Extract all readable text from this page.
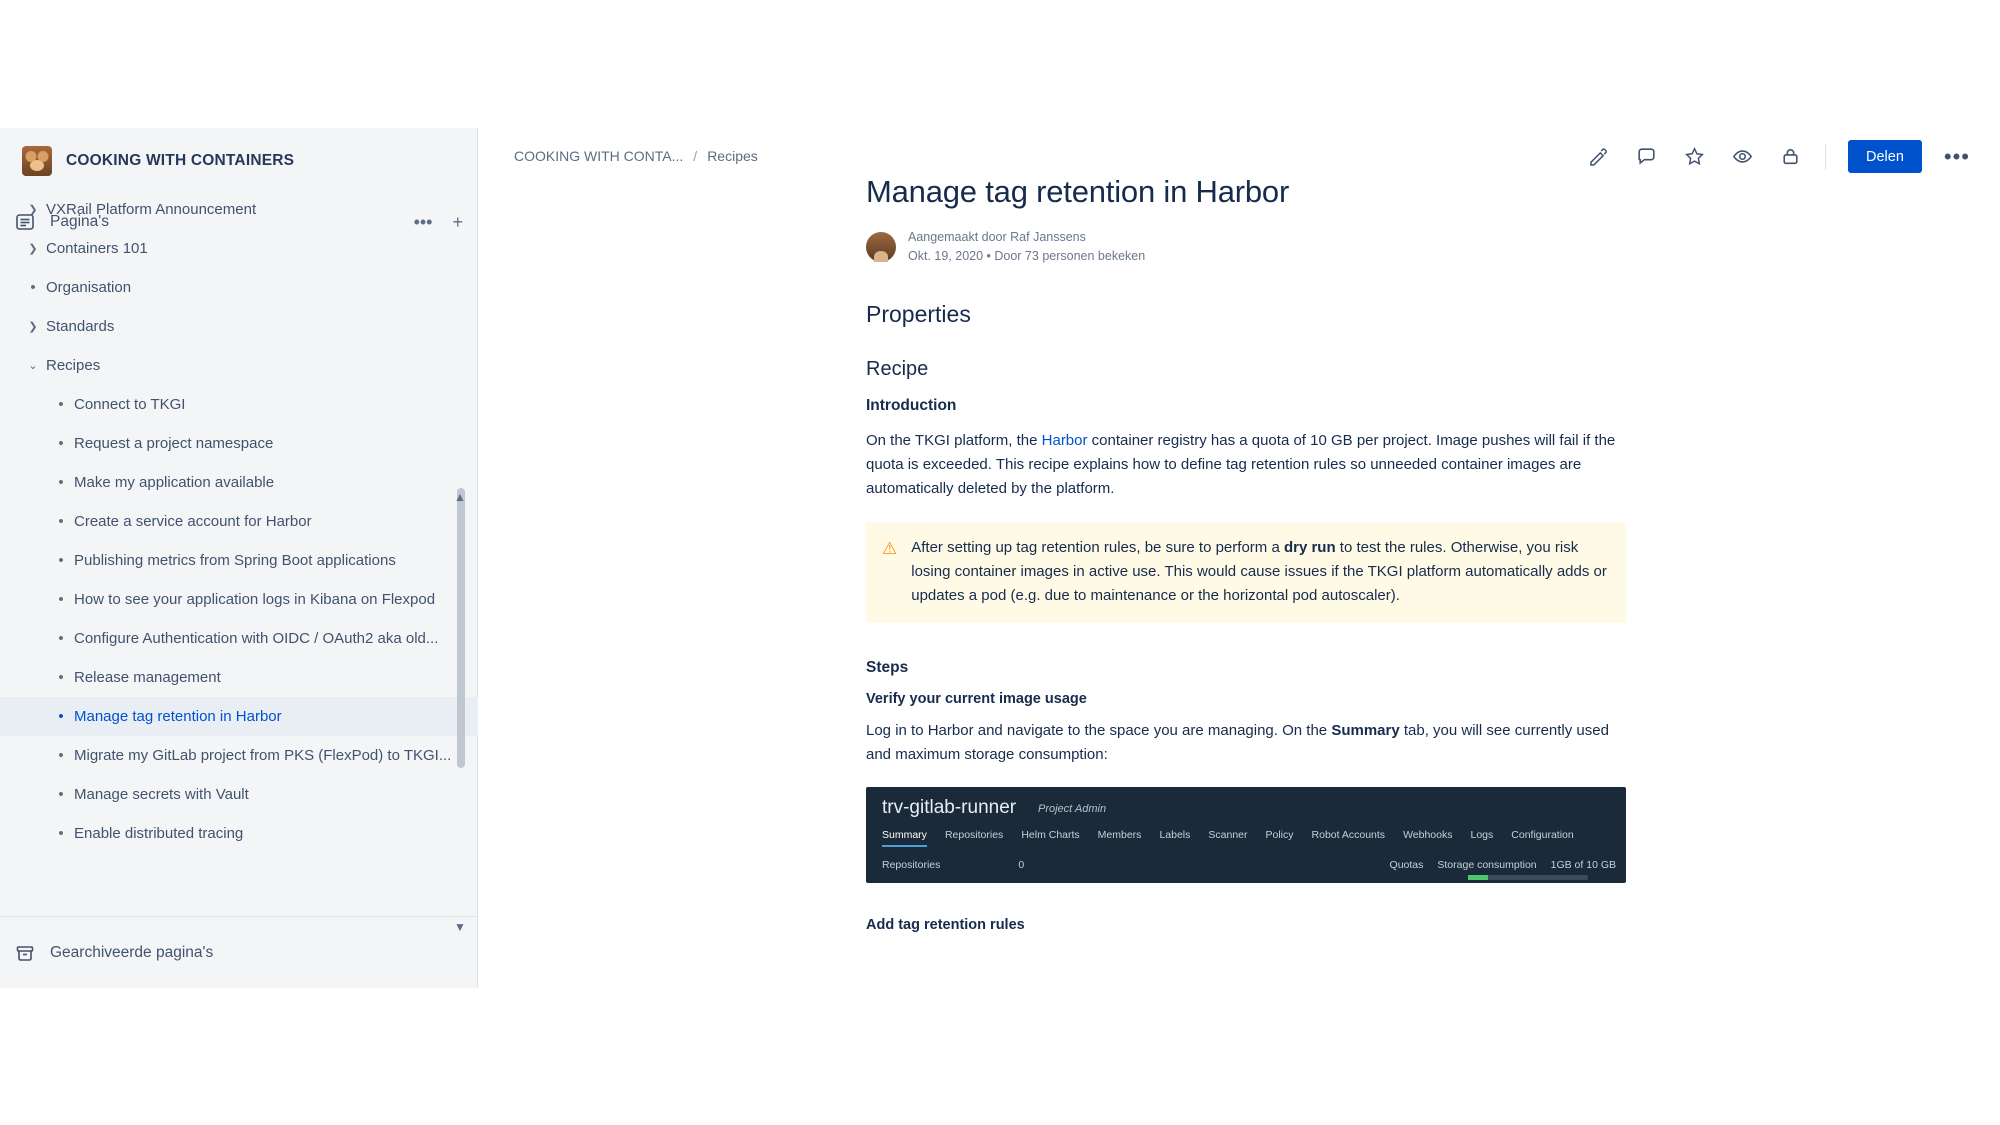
COOKING WITH CONTAINERS
Pagina's	••• +
❯ VXRail Platform Announcement
❯ Containers 101
• Organisation
❯ Standards
⌄ Recipes
• Connect to TKGI
• Request a project namespace
• Make my application available
• Create a service account for Harbor
• Publishing metrics from Spring Boot applications
• How to see your application logs in Kibana on Flexpod
• Configure Authentication with OIDC / OAuth2 aka old...
• Release management
• Manage tag retention in Harbor
• Migrate my GitLab project from PKS (FlexPod) to TKGI...
• Manage secrets with Vault
• Enable distributed tracing
▲
▼
Gearchiveerde pagina's
COOKING WITH CONTA... / Recipes	Delen	•••
Manage tag retention in Harbor
Aangemaakt door Raf Janssens
Okt. 19, 2020 • Door 73 personen bekeken
Properties
Recipe
Introduction

On the TKGI platform, the Harbor container registry has a quota of 10 GB per project. Image pushes will fail if the quota is exceeded. This recipe explains how to define tag retention rules so unneeded container images are automatically deleted by the platform.

⚠ After setting up tag retention rules, be sure to perform a dry run to test the rules. Otherwise, you risk losing container images in active use. This would cause issues if the TKGI platform automatically adds or updates a pod (e.g. due to maintenance or the horizontal pod autoscaler).
Steps
Verify your current image usage

Log in to Harbor and navigate to the space you are managing. On the Summary tab, you will see currently used and maximum storage consumption:

trv-gitlab-runner Project Admin
Summary Repositories Helm Charts Members Labels Scanner Policy Robot Accounts Webhooks Logs Configuration
Repositories	0	Quotas Storage consumption 1GB of 10 GB
Add tag retention rules
